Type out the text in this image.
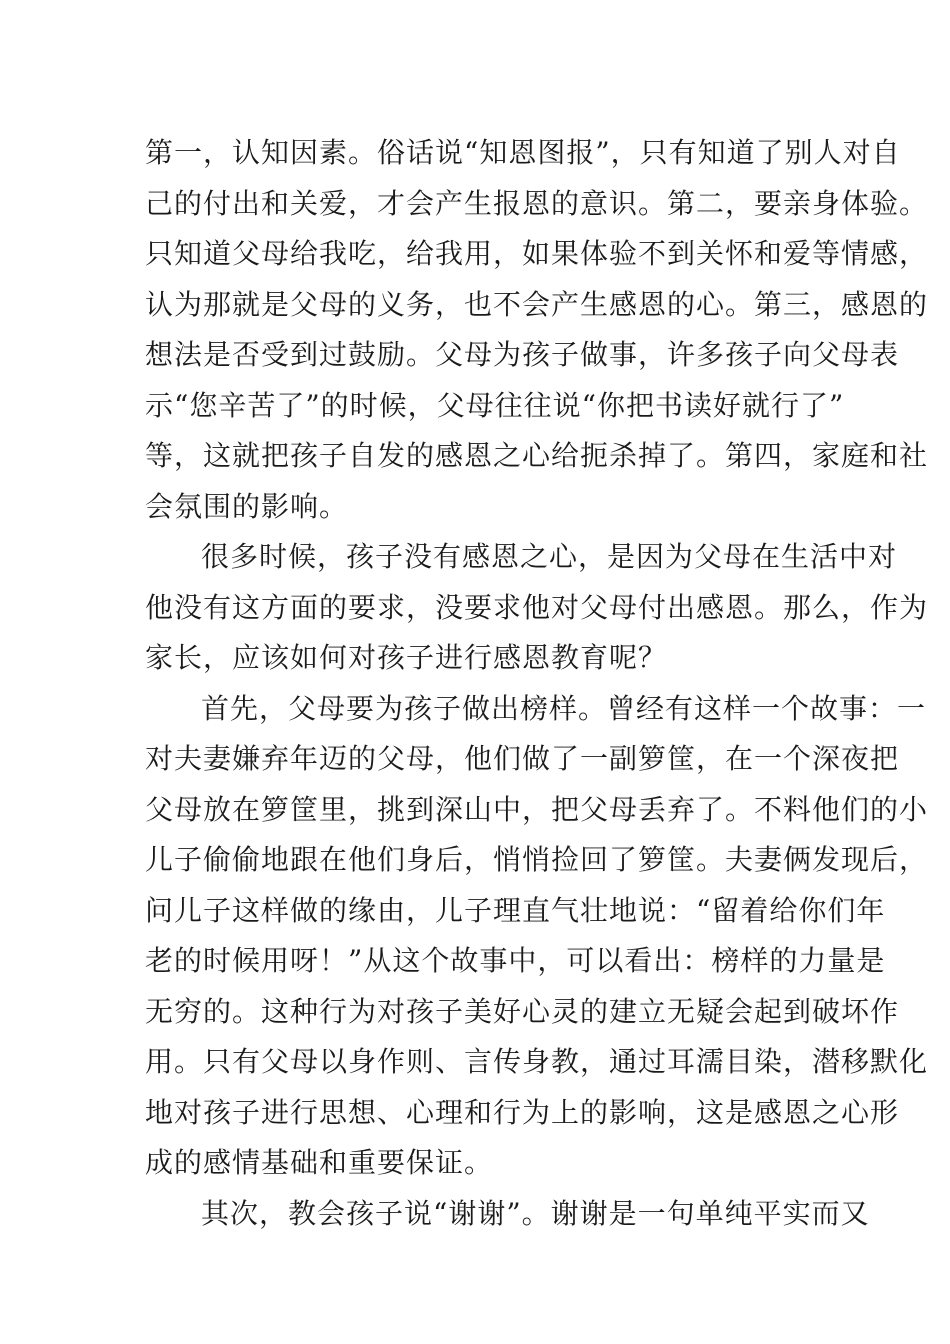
第一，认知因素。俗话说“知恩图报”，只有知道了别人对自
己的付出和关爱，才会产生报恩的意识。第二，要亲身体验。
只知道父母给我吃，给我用，如果体验不到关怀和爱等情感，
认为那就是父母的义务，也不会产生感恩的心。第三，感恩的
想法是否受到过鼓励。父母为孩子做事，许多孩子向父母表
示“您辛苦了”的时候，父母往往说“你把书读好就行了”
等，这就把孩子自发的感恩之心给扼杀掉了。第四，家庭和社
会氛围的影响。
很多时候，孩子没有感恩之心，是因为父母在生活中对
他没有这方面的要求，没要求他对父母付出感恩。那么，作为
家长，应该如何对孩子进行感恩教育呢？
首先，父母要为孩子做出榜样。曾经有这样一个故事：一
对夫妻嫌弃年迈的父母，他们做了一副箩筐，在一个深夜把
父母放在箩筐里，挑到深山中，把父母丢弃了。不料他们的小
儿子偷偷地跟在他们身后，悄悄捡回了箩筐。夫妻俩发现后，
问儿子这样做的缘由，儿子理直气壮地说：“留着给你们年
老的时候用呀！”从这个故事中，可以看出：榜样的力量是
无穷的。这种行为对孩子美好心灵的建立无疑会起到破坏作
用。只有父母以身作则、言传身教，通过耳濡目染，潜移默化
地对孩子进行思想、心理和行为上的影响，这是感恩之心形
成的感情基础和重要保证。
其次，教会孩子说“谢谢”。谢谢是一句单纯平实而又
